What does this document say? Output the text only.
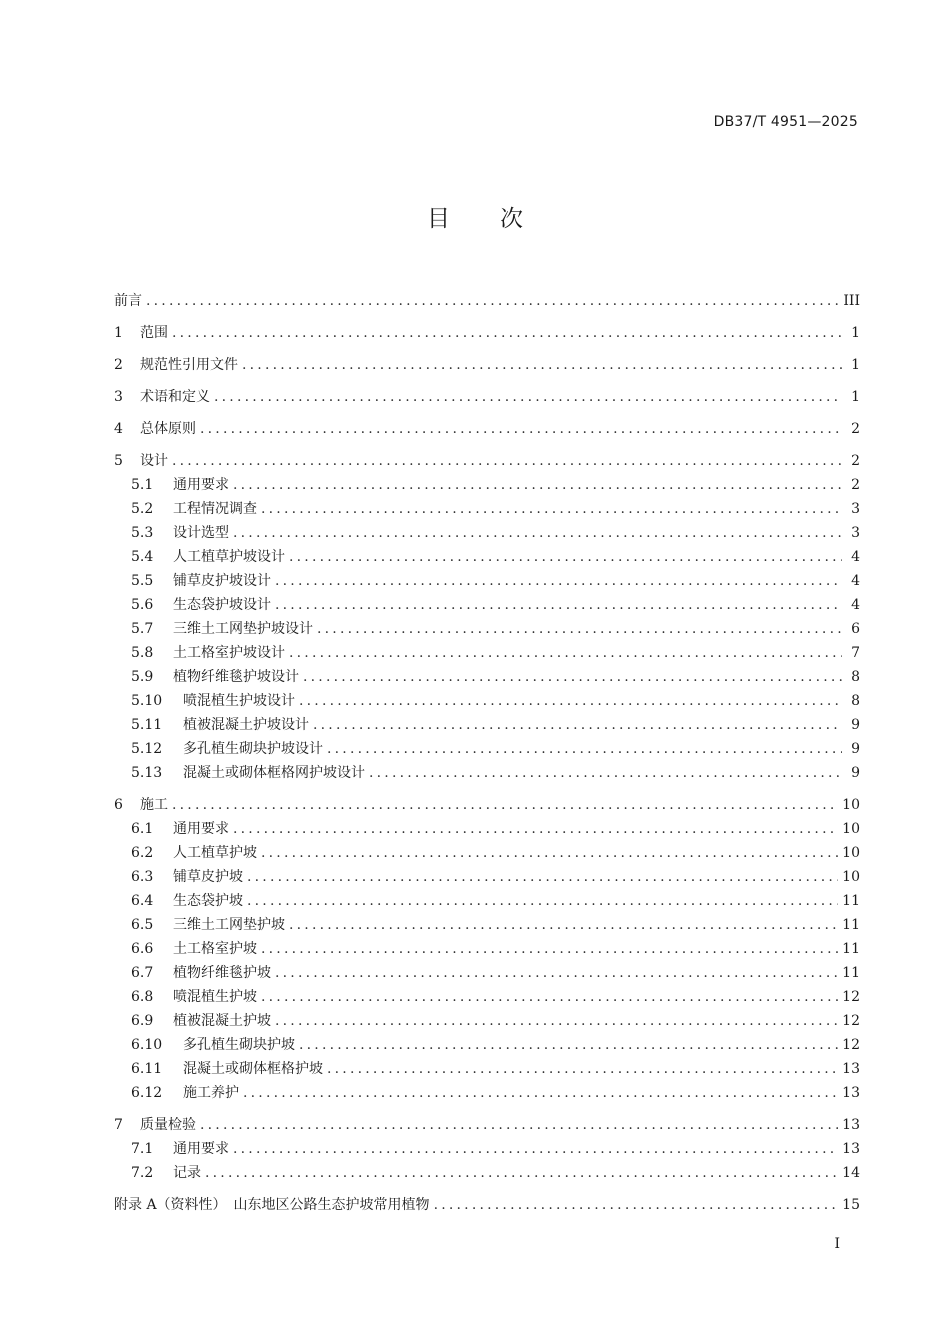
DB37/T 4951—2025
目 次
前言 .....	III
1	范围 .....	1
2	规范性引用文件 .....	1
3	术语和定义 .....	1
4	总体原则 .....	2
5	设计 .....	2
5.1	通用要求 .....	2
5.2	工程情况调查 .....	3
5.3	设计选型 .....	3
5.4	人工植草护坡设计 .....	4
5.5	铺草皮护坡设计 .....	4
5.6	生态袋护坡设计 .....	4
5.7	三维土工网垫护坡设计 .....	6
5.8	土工格室护坡设计 .....	7
5.9	植物纤维毯护坡设计 .....	8
5.10	喷混植生护坡设计 .....	8
5.11	植被混凝土护坡设计 .....	9
5.12	多孔植生砌块护坡设计 .....	9
5.13	混凝土或砌体框格网护坡设计 .....	9
6	施工 .....	10
6.1	通用要求 .....	10
6.2	人工植草护坡 .....	10
6.3	铺草皮护坡 .....	10
6.4	生态袋护坡 .....	11
6.5	三维土工网垫护坡 .....	11
6.6	土工格室护坡 .....	11
6.7	植物纤维毯护坡 .....	11
6.8	喷混植生护坡 .....	12
6.9	植被混凝土护坡 .....	12
6.10	多孔植生砌块护坡 .....	12
6.11	混凝土或砌体框格护坡 .....	13
6.12	施工养护 .....	13
7	质量检验 .....	13
7.1	通用要求 .....	13
7.2	记录 .....	14
附录 A（资料性）　山东地区公路生态护坡常用植物 .....	15
I
